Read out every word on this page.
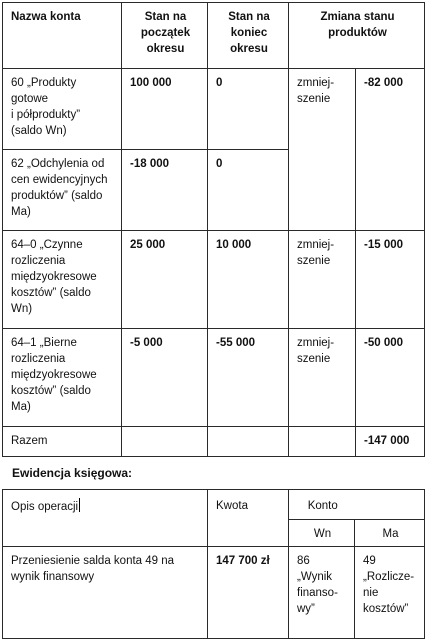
Nazwa konta	Stan na
początek
okresu	Stan na
koniec
okresu	Zmiana stanu
produktów	
60 „Produkty
gotowe
i półprodukty”
(saldo Wn)	100 000	0	zmniej-
szenie	-82 000
62 „Odchylenia od
cen ewidencyjnych
produktów” (saldo
Ma)	-18 000	0		
64–0 „Czynne
rozliczenia
międzyokresowe
kosztów” (saldo
Wn)	25 000	10 000	zmniej-
szenie	-15 000
64–1 „Bierne
rozliczenia
międzyokresowe
kosztów” (saldo
Ma)	-5 000	-55 000	zmniej-
szenie	-50 000
Razem				-147 000
Ewidencja księgowa:
Opis operacji	Kwota	Konto	
		Wn	Ma
Przeniesienie salda konta 49 na
wynik finansowy	147 700 zł	86
„Wynik
finanso-
wy”	49
„Rozlicze-
nie
kosztów”
